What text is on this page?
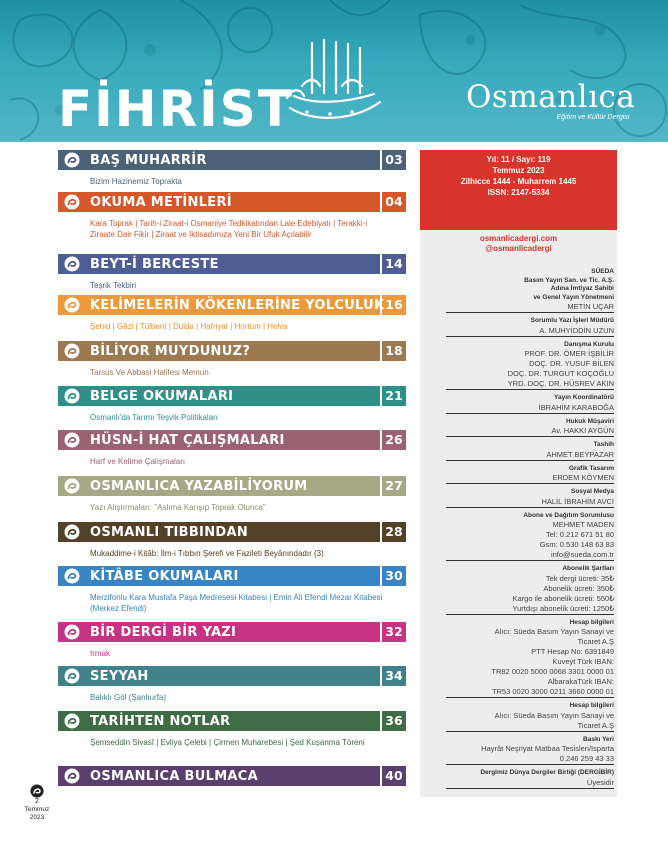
FİHRİST	Osmanlıca
Eğitim ve Kültür Dergisi
BAŞ MUHARRİR	03
Bizim Hazinemiz Toprakta
OKUMA METİNLERİ	04
Kara Toprak | Tarih-i Ziraat-i Osmaniye Tedkikatından Lale Edebiyatı | Terakki-i Ziraate Dair Fikir | Ziraat ve İktisadımıza Yeni Bir Ufuk Açılabilir
BEYT-İ BERCESTE	14
Teşrik Tekbiri
KELİMELERİN KÖKENLERİNE YOLCULUK 16
Şehid | Gâzi | Tülbent | Dulda | Hafriyat | Hortum | Helva
BİLİYOR MUYDUNUZ?	18
Tarsus Ve Abbasi Halifesi Memun
BELGE OKUMALARI	21
Osmanlı'da Tarımı Teşvik Politikaları
HÜSN-İ HAT ÇALIŞMALARI	26
Harf ve Kelime Çalışmaları
OSMANLICA YAZABİLİYORUM	27
Yazı Alıştırmaları: "Aslıma Karışıp Toprak Olunca"
OSMANLI TIBBINDAN	28
Mukaddime-i Kitâb: İlm-i Tıbbın Şerefi ve Fazileti Beyânındadır (3)
KİTÂBE OKUMALARI	30
Merzifonlu Kara Mustafa Paşa Medresesi Kitabesi | Emin Ali Efendi Mezar Kitabesi (Merkez Efendi)
BİR DERGİ BİR YAZI	32
Irmak
SEYYAH	34
Balıklı Göl (Şanlıurfa)
TARİHTEN NOTLAR	36
Şemseddin Sivasî | Evliya Çelebi | Çirmen Muharebesi | Şed Kuşanma Töreni
OSMANLICA BULMACA	40
Yıl: 11 / Sayı: 119
Temmuz 2023
Zilhicce 1444 - Muharrem 1445
ISSN: 2147-5334
osmanlicadergi.com
@osmanlicadergi
SÜEDA
Basım Yayın San. ve Tic. A.Ş.
Adına İmtiyaz Sahibi
ve Genel Yayın Yönetmeni
METİN UÇAR
Sorumlu Yazı İşleri Müdürü
A. MUHYİDDİN UZUN
Danışma Kurulu
PROF. DR. ÖMER İŞBİLİR
DOÇ. DR. YUSUF BİLEN
DOÇ. DR. TURGUT KOÇOĞLU
YRD. DOÇ. DR. HÜSREV AKIN
Yayın Koordinatörü
İBRAHİM KARABOĞA
Hukuk Müşaviri
Av. HAKKI AYGÜN
Tashih
AHMET BEYPAZAR
Grafik Tasarım
ERDEM KÖYMEN
Sosyal Medya
HALİL İBRAHİM AVCI
Abone ve Dağıtım Sorumlusu
MEHMET MADEN
Tel: 0.212 671 51 80
Gsm: 0.530 148 63 83
info@sueda.com.tr
Abonelik Şartları
Tek dergi ücreti: 35₺
Abonelik ücreti: 350₺
Kargo ile abonelik ücreti: 550₺
Yurtdışı abonelik ücreti: 1250₺
Hesap bilgileri
Alıcı: Süeda Basım Yayın Sanayi ve
Ticaret A.Ş
PTT Hesap No: 6391849
Kuveyt Türk IBAN:
TR82 0020 5000 0068 3301 0000 01
AlbarakaTürk IBAN:
TR53 0020 3000 0211 3660 0000 01
Hesap bilgileri
Alıcı: Süeda Basım Yayın Sanayi ve
Ticaret A.Ş
Baskı Yeri
Hayrât Neşriyat Matbaa Tesisleri/Isparta
0.246 259 43 33
Dergimiz Dünya Dergiler Birliği (DERGİBİR)
Üyesidir
2
Temmuz 2023
